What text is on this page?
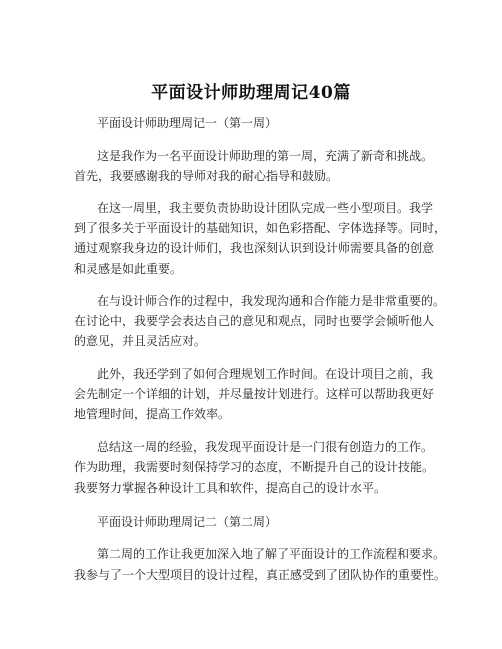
平面设计师助理周记40篇
平面设计师助理周记一（第一周）
这是我作为一名平面设计师助理的第一周，充满了新奇和挑战。
首先，我要感谢我的导师对我的耐心指导和鼓励。
在这一周里，我主要负责协助设计团队完成一些小型项目。我学
到了很多关于平面设计的基础知识，如色彩搭配、字体选择等。同时，
通过观察我身边的设计师们，我也深刻认识到设计师需要具备的创意
和灵感是如此重要。
在与设计师合作的过程中，我发现沟通和合作能力是非常重要的。
在讨论中，我要学会表达自己的意见和观点，同时也要学会倾听他人
的意见，并且灵活应对。
此外，我还学到了如何合理规划工作时间。在设计项目之前，我
会先制定一个详细的计划，并尽量按计划进行。这样可以帮助我更好
地管理时间，提高工作效率。
总结这一周的经验，我发现平面设计是一门很有创造力的工作。
作为助理，我需要时刻保持学习的态度，不断提升自己的设计技能。
我要努力掌握各种设计工具和软件，提高自己的设计水平。
平面设计师助理周记二（第二周）
第二周的工作让我更加深入地了解了平面设计的工作流程和要求。
我参与了一个大型项目的设计过程，真正感受到了团队协作的重要性。
